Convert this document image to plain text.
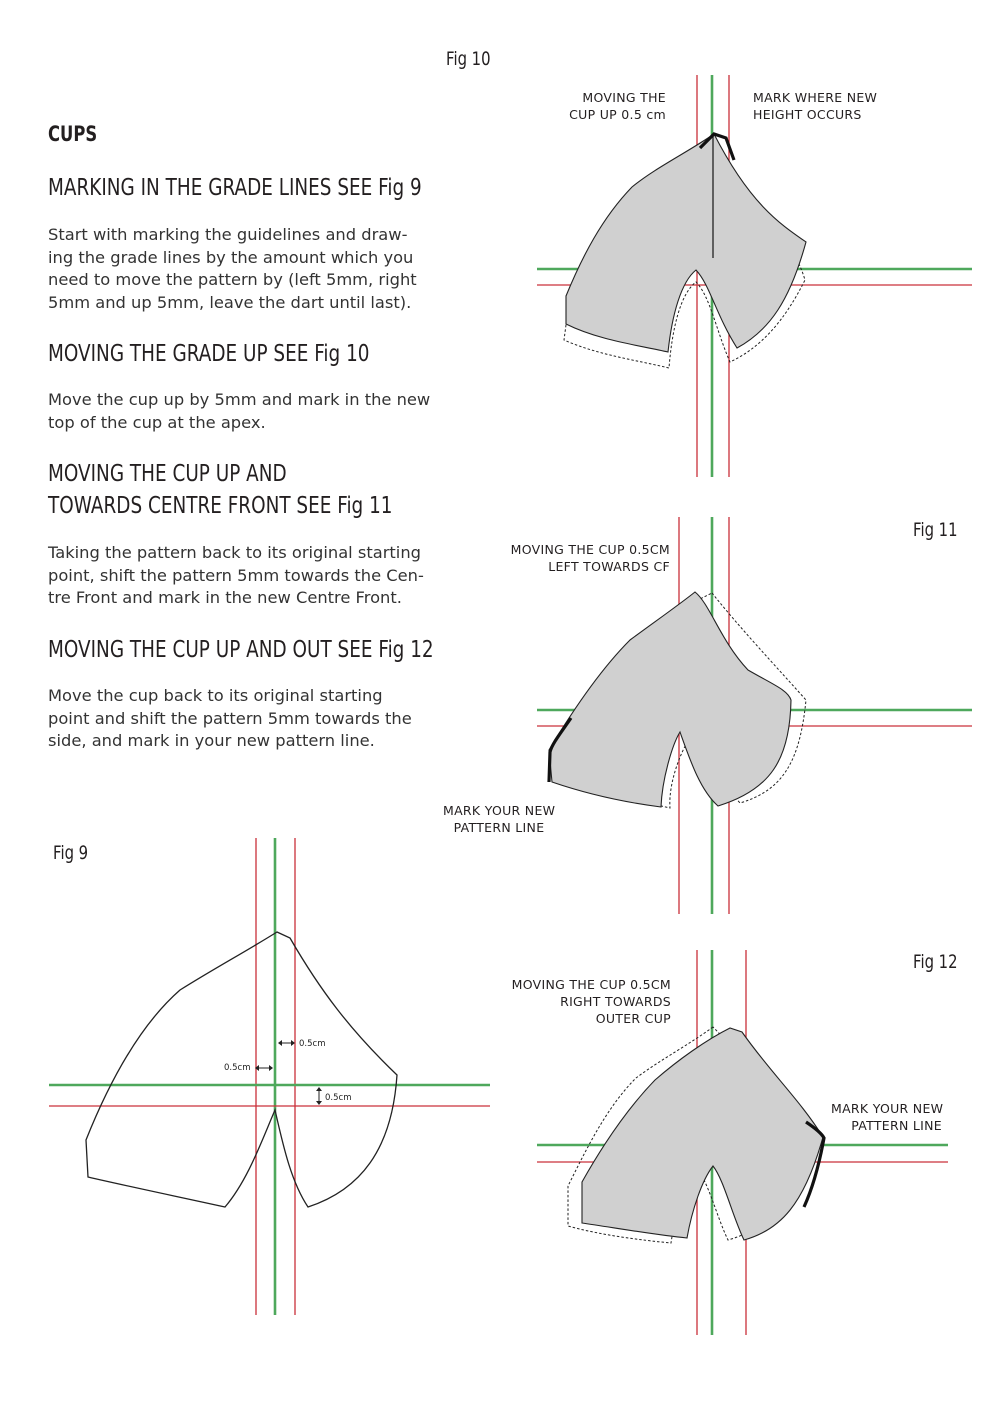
CUPS
MARKING IN THE GRADE LINES SEE Fig 9
Start with marking the guidelines and draw-
ing the grade lines by the amount which you
need to move the pattern by (left 5mm, right
5mm and up 5mm, leave the dart until last).
MOVING THE GRADE UP SEE Fig 10
Move the cup up by 5mm and mark in the new
top of the cup at the apex.
MOVING THE CUP UP AND
TOWARDS CENTRE FRONT SEE Fig 11
Taking the pattern back to its original starting
point, shift the pattern 5mm towards the Cen-
tre Front and mark in the new Centre Front.
MOVING THE CUP UP AND OUT SEE Fig 12
Move the cup back to its original starting
point and shift the pattern 5mm towards the
side, and mark in your new pattern line.
Fig 10
MOVING THE
CUP UP 0.5 cm
MARK WHERE NEW
HEIGHT OCCURS
Fig 11
MOVING THE CUP 0.5CM
LEFT TOWARDS CF
MARK YOUR NEW
PATTERN LINE
Fig 9
Fig 12
MOVING THE CUP 0.5CM
RIGHT TOWARDS
OUTER CUP
MARK YOUR NEW
PATTERN LINE
0.5cm
0.5cm
0.5cm
